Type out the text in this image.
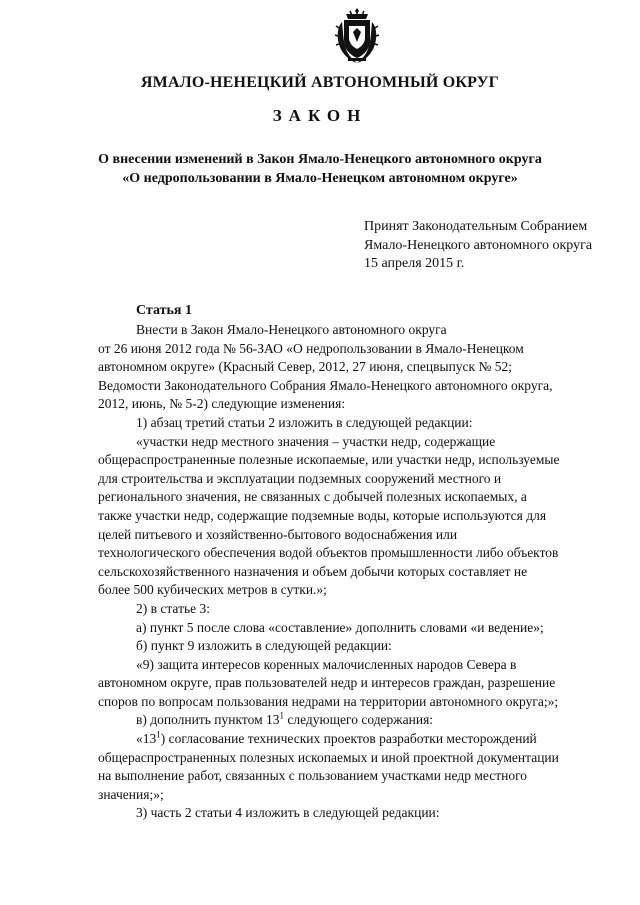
ЯМАЛО-НЕНЕЦКИЙ АВТОНОМНЫЙ ОКРУГ
ЗАКОН
О внесении изменений в Закон Ямало-Ненецкого автономного округа
«О недропользовании в Ямало-Ненецком автономном округе»
Принят Законодательным Собранием
Ямало-Ненецкого автономного округа
15 апреля 2015 г.
Статья 1
Внести в Закон Ямало-Ненецкого автономного округа
от 26 июня 2012 года № 56-ЗАО «О недропользовании в Ямало-Ненецком
автономном округе» (Красный Север, 2012, 27 июня, спецвыпуск № 52;
Ведомости Законодательного Собрания Ямало-Ненецкого автономного округа,
2012, июнь, № 5-2) следующие изменения:
1) абзац третий статьи 2 изложить в следующей редакции:
«участки недр местного значения – участки недр, содержащие
общераспространенные полезные ископаемые, или участки недр, используемые
для строительства и эксплуатации подземных сооружений местного и
регионального значения, не связанных с добычей полезных ископаемых, а
также участки недр, содержащие подземные воды, которые используются для
целей питьевого и хозяйственно-бытового водоснабжения или
технологического обеспечения водой объектов промышленности либо объектов
сельскохозяйственного назначения и объем добычи которых составляет не
более 500 кубических метров в сутки.»;
2) в статье 3:
а) пункт 5 после слова «составление» дополнить словами «и ведение»;
б) пункт 9 изложить в следующей редакции:
«9) защита интересов коренных малочисленных народов Севера в
автономном округе, прав пользователей недр и интересов граждан, разрешение
споров по вопросам пользования недрами на территории автономного округа;»;
в) дополнить пунктом $13^1$ следующего содержания:
«$13^1$) согласование технических проектов разработки месторождений
общераспространенных полезных ископаемых и иной проектной документации
на выполнение работ, связанных с пользованием участками недр местного
значения;»;
3) часть 2 статьи 4 изложить в следующей редакции:
